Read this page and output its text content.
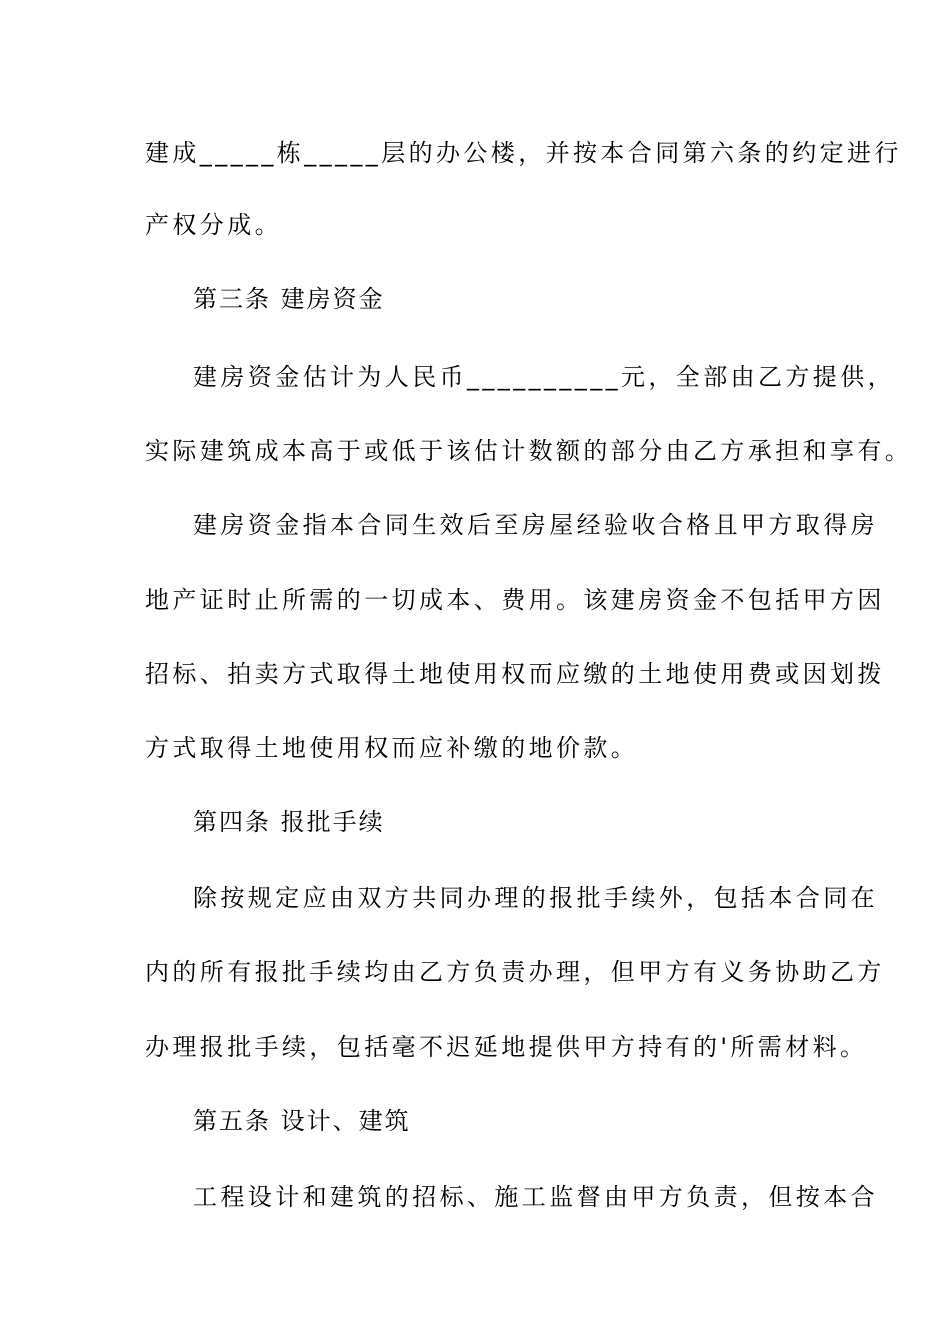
建成_____栋_____层的办公楼，并按本合同第六条的约定进行
产权分成。
第三条 建房资金
建房资金估计为人民币__________元，全部由乙方提供，
实际建筑成本高于或低于该估计数额的部分由乙方承担和享有。
建房资金指本合同生效后至房屋经验收合格且甲方取得房
地产证时止所需的一切成本、费用。该建房资金不包括甲方因
招标、拍卖方式取得土地使用权而应缴的土地使用费或因划拨
方式取得土地使用权而应补缴的地价款。
第四条 报批手续
除按规定应由双方共同办理的报批手续外，包括本合同在
内的所有报批手续均由乙方负责办理，但甲方有义务协助乙方
办理报批手续，包括毫不迟延地提供甲方持有的'所需材料。
第五条 设计、建筑
工程设计和建筑的招标、施工监督由甲方负责，但按本合
